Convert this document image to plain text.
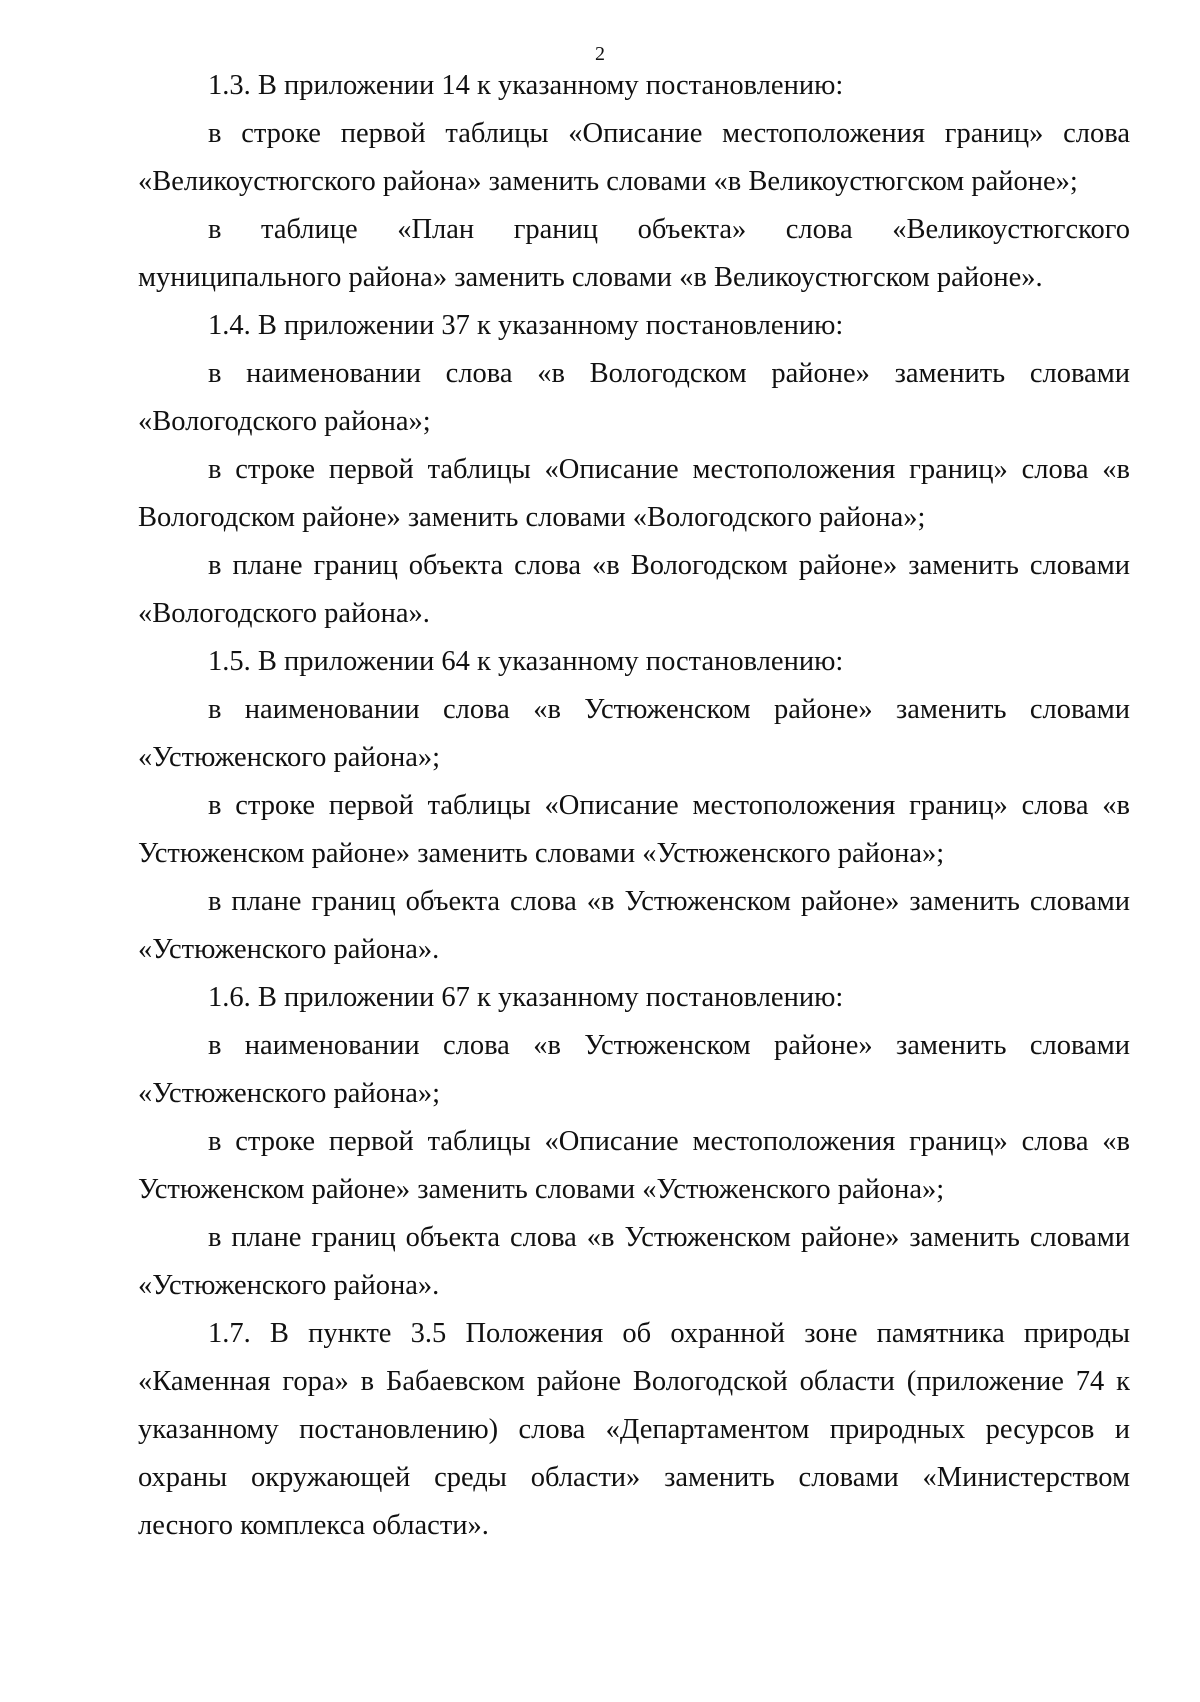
2

1.3. В приложении 14 к указанному постановлению:

в строке первой таблицы «Описание местоположения границ» слова «Великоустюгского района» заменить словами «в Великоустюгском районе»;

в таблице «План границ объекта» слова «Великоустюгского муниципального района» заменить словами «в Великоустюгском районе».

1.4. В приложении 37 к указанному постановлению:

в наименовании слова «в Вологодском районе» заменить словами «Вологодского района»;

в строке первой таблицы «Описание местоположения границ» слова «в Вологодском районе» заменить словами «Вологодского района»;

в плане границ объекта слова «в Вологодском районе» заменить словами «Вологодского района».

1.5. В приложении 64 к указанному постановлению:

в наименовании слова «в Устюженском районе» заменить словами «Устюженского района»;

в строке первой таблицы «Описание местоположения границ» слова «в Устюженском районе» заменить словами «Устюженского района»;

в плане границ объекта слова «в Устюженском районе» заменить словами «Устюженского района».

1.6. В приложении 67 к указанному постановлению:

в наименовании слова «в Устюженском районе» заменить словами «Устюженского района»;

в строке первой таблицы «Описание местоположения границ» слова «в Устюженском районе» заменить словами «Устюженского района»;

в плане границ объекта слова «в Устюженском районе» заменить словами «Устюженского района».

1.7. В пункте 3.5 Положения об охранной зоне памятника природы «Каменная гора» в Бабаевском районе Вологодской области (приложение 74 к указанному постановлению) слова «Департаментом природных ресурсов и охраны окружающей среды области» заменить словами «Министерством лесного комплекса области».
